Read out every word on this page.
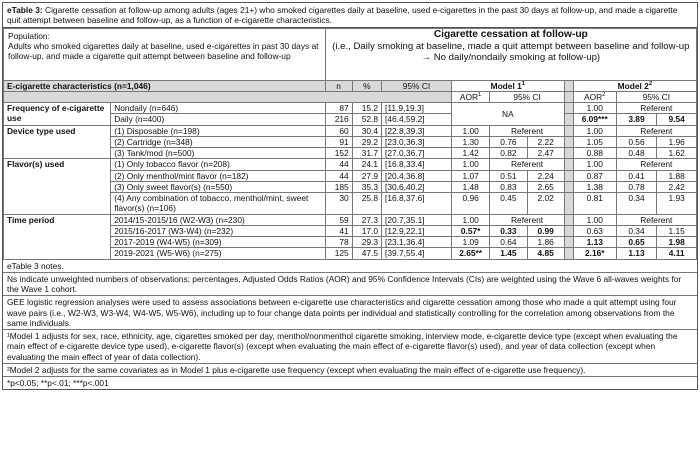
eTable 3: Cigarette cessation at follow-up among adults (ages 21+) who smoked cigarettes daily at baseline, used e-cigarettes in the past 30 days at follow-up, and made a cigarette quit attempt between baseline and follow-up, as a function of e-cigarette characteristics.
Population:
Adults who smoked cigarettes daily at baseline, used e-cigarettes in past 30 days at follow-up, and made a cigarette quit attempt between baseline and follow-up		Cigarette cessation at follow-up
(i.e., Daily smoking at baseline, made a quit attempt between baseline and follow-up → No daily/nondaily smoking at follow-up)									

E-cigarette characteristics (n=1,046)		n	%	95% CI	Model $1^1$				Model $2^2$
					AOR$^1$	95% CI			AOR$^2$	95% CI	
Frequency of e-cigarette use	Nondaily (n=646)	87	15.2	[11.9,19.3]	NA				1.00	Referent	
	Daily (n=400)	216	52.8	[46.4,59.2]					6.09***	3.89	9.54
Device type used	(1) Disposable (n=198)	60	30.4	[22.8,39.3]	1.00	Referent			1.00	Referent	
	(2) Cartridge (n=348)	91	29.2	[23.0,36.3]	1.30	0.76	2.22		1.05	0.56	1.96
	(3) Tank/mod (n=500)	152	31.7	[27.0,36.7]	1.42	0.82	2.47		0.88	0.48	1.62
Flavor(s) used	(1) Only tobacco flavor (n=208)	44	24.1	[16.8,33.4]	1.00	Referent			1.00	Referent	
	(2) Only menthol/mint flavor (n=182)	44	27.9	[20.4,36.8]	1.07	0.51	2.24		0.87	0.41	1.88
	(3) Only sweet flavor(s) (n=550)	185	35.3	[30.6,40.2]	1.48	0.83	2.65		1.38	0.78	2.42
	(4) Any combination of tobacco, menthol/mint, sweet flavor(s) (n=106)	30	25.8	[16.8,37.6]	0.96	0.45	2.02		0.81	0.34	1.93
Time period	2014/15-2015/16 (W2-W3) (n=230)	59	27.3	[20.7,35.1]	1.00	Referent			1.00	Referent	
	2015/16-2017 (W3-W4) (n=232)	41	17.0	[12.9,22.1]	0.57*	0.33	0.99		0.63	0.34	1.15
	2017-2019 (W4-W5) (n=309)	78	29.3	[23.1,36.4]	1.09	0.64	1.86		1.13	0.65	1.98
	2019-2021 (W5-W6) (n=275)	125	47.5	[39.7,55.4]	2.65**	1.45	4.85		2.16*	1.13	4.11
eTable 3 notes.
Ns indicate unweighted numbers of observations; percentages, Adjusted Odds Ratios (AOR) and 95% Confidence Intervals (CIs) are weighted using the Wave 6 all-waves weights for the Wave 1 cohort.
GEE logistic regression analyses were used to assess associations between e-cigarette use characteristics and cigarette cessation among those who made a quit attempt using four wave pairs (i.e., W2-W3, W3-W4, W4-W5, W5-W6), including up to four change data points per individual and statistically controlling for the correlation among observations from the same individuals.
¹Model 1 adjusts for sex, race, ethnicity, age, cigarettes smoked per day, menthol/nonmenthol cigarette smoking, interview mode, e-cigarette device type (except when evaluating the main effect of e-cigarette device type used), e-cigarette flavor(s) (except when evaluating the main effect of e-cigarette flavor(s) used), and year of data collection (except when evaluating the main effect of year of data collection).
²Model 2 adjusts for the same covariates as in Model 1 plus e-cigarette use frequency (except when evaluating the main effect of e-cigarette use frequency).
*p<0.05; **p<.01; ***p<.001
